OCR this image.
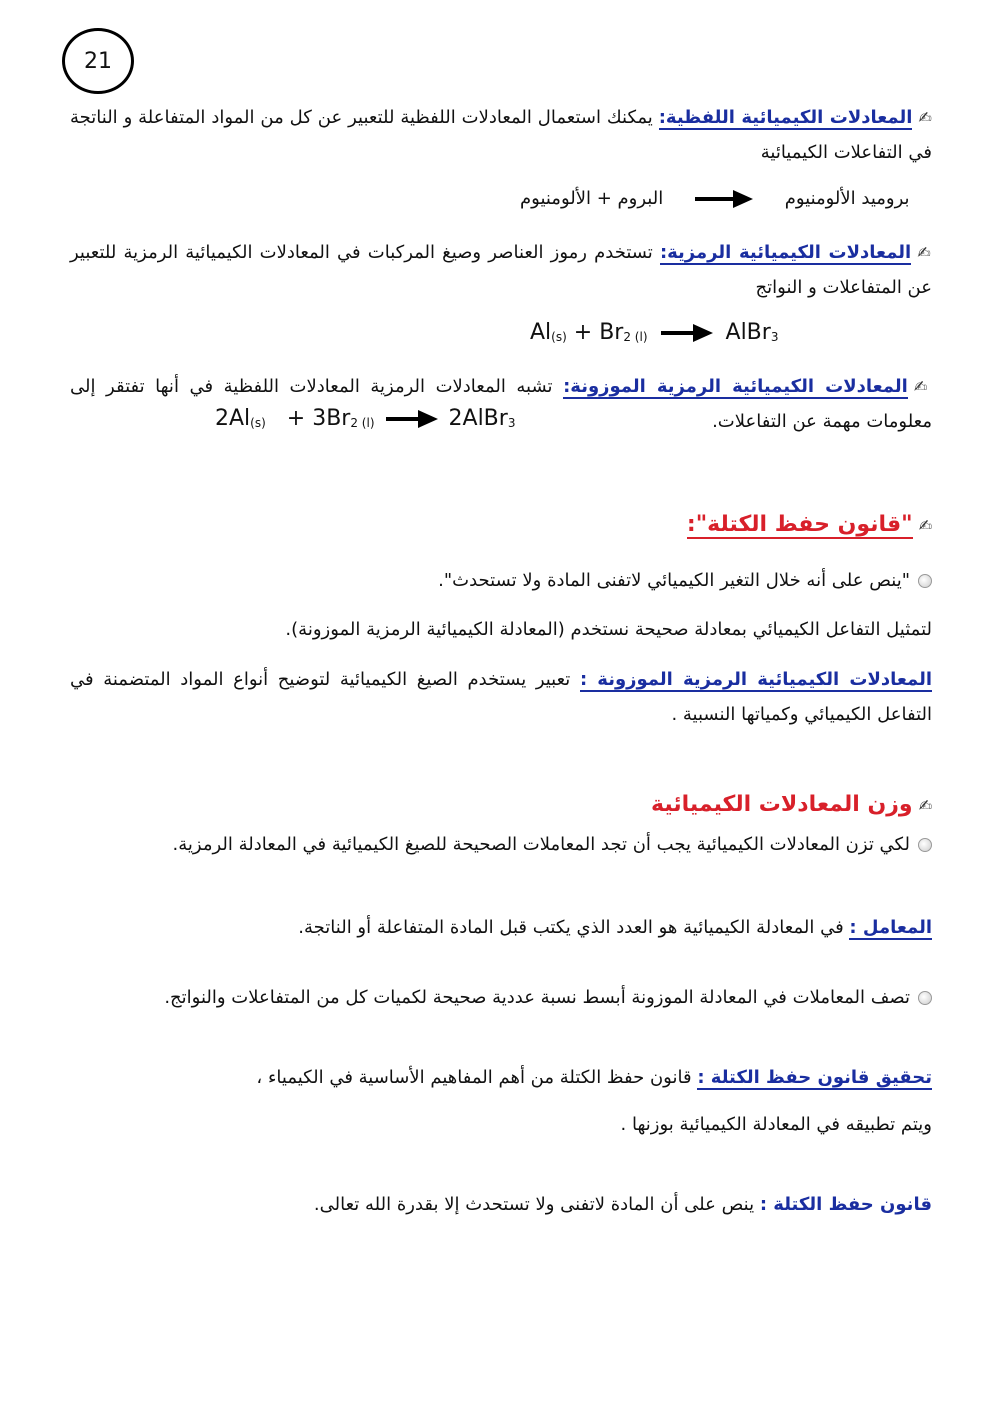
21
✍المعادلات الكيميائية اللفظية: يمكنك استعمال المعادلات اللفظية للتعبير عن كل من المواد المتفاعلة و الناتجة في التفاعلات الكيميائية
بروميد الألومنيوم  البروم + الألومنيوم
✍المعادلات الكيميائية الرمزية: تستخدم رموز العناصر وصيغ المركبات في المعادلات الكيميائية الرمزية للتعبير عن المتفاعلات و النواتج
$Al_{(s)} + Br_{2 (l)}$	AlBr$_3$
✍المعادلات الكيميائية الرمزية الموزونة: تشبه المعادلات الرمزية المعادلات اللفظية في أنها تفتقر إلى معلومات مهمة عن التفاعلات.
$2Al_{(s)} + 3Br_{2 (l)}$	2AlBr$_3$
✍"قانون حفظ الكتلة":
"ينص على أنه خلال التغير الكيميائي لاتفنى المادة ولا تستحدث".
لتمثيل التفاعل الكيميائي بمعادلة صحيحة نستخدم (المعادلة الكيميائية الرمزية الموزونة).
المعادلات الكيميائية الرمزية الموزونة : تعبير يستخدم الصيغ الكيميائية لتوضيح أنواع المواد المتضمنة في التفاعل الكيميائي وكمياتها النسبية .
✍وزن المعادلات الكيميائية
لكي تزن المعادلات الكيميائية يجب أن تجد المعاملات الصحيحة للصيغ الكيميائية في المعادلة الرمزية.
المعامل : في المعادلة الكيميائية هو العدد الذي يكتب قبل المادة المتفاعلة أو الناتجة.
تصف المعاملات في المعادلة الموزونة أبسط نسبة عددية صحيحة لكميات كل من المتفاعلات والنواتج.
تحقيق قانون حفظ الكتلة : قانون حفظ الكتلة من أهم المفاهيم الأساسية في الكيمياء ،
ويتم تطبيقه في المعادلة الكيميائية بوزنها .
قانون حفظ الكتلة : ينص على أن المادة لاتفنى ولا تستحدث إلا بقدرة الله تعالى.
